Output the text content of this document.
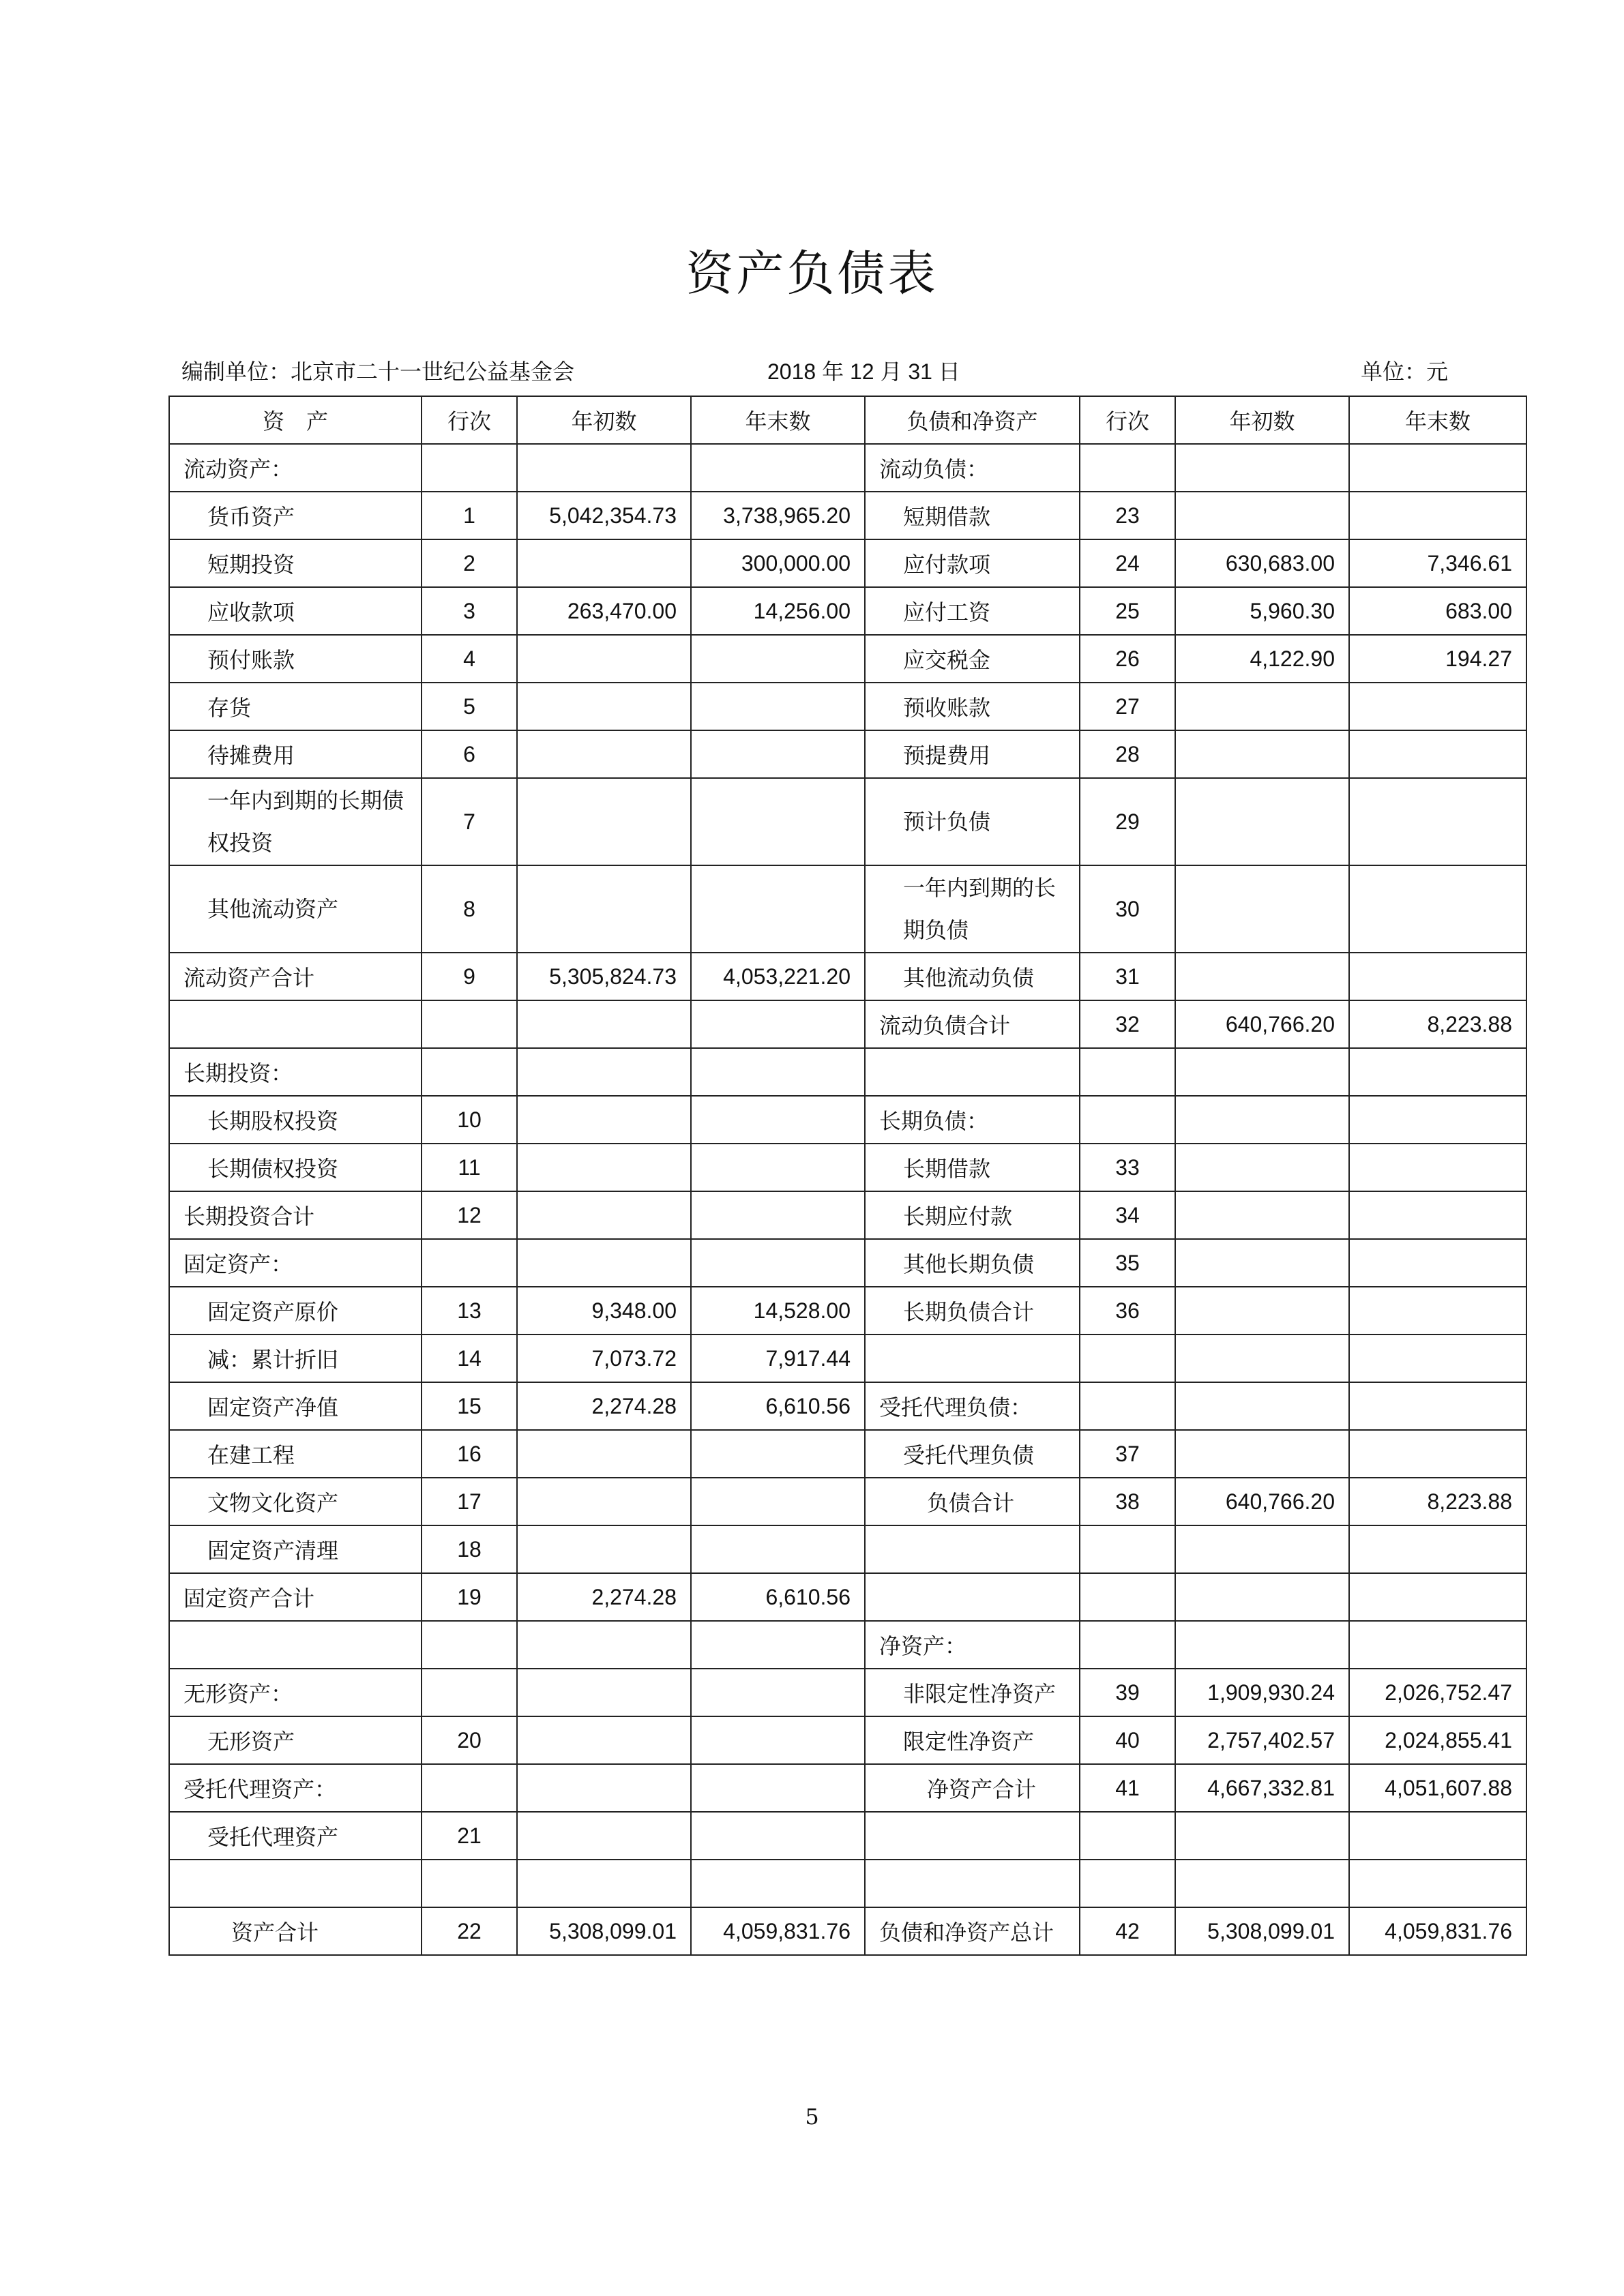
资产负债表
编制单位：北京市二十一世纪公益基金会	2018 年 12 月 31 日	单位：元
资　产	行次	年初数	年末数	负债和净资产	行次	年初数	年末数
流动资产：				流动负债：			
货币资产	1	5,042,354.73	3,738,965.20	短期借款	23		
短期投资	2		300,000.00	应付款项	24	630,683.00	7,346.61
应收款项	3	263,470.00	14,256.00	应付工资	25	5,960.30	683.00
预付账款	4			应交税金	26	4,122.90	194.27
存货	5			预收账款	27		
待摊费用	6			预提费用	28		
一年内到期的长期债权投资	7			预计负债	29		
其他流动资产	8			一年内到期的长期负债	30		
流动资产合计	9	5,305,824.73	4,053,221.20	其他流动负债	31		
				流动负债合计	32	640,766.20	8,223.88
长期投资：							
长期股权投资	10			长期负债：			
长期债权投资	11			长期借款	33		
长期投资合计	12			长期应付款	34		
固定资产：				其他长期负债	35		
固定资产原价	13	9,348.00	14,528.00	长期负债合计	36		
减：累计折旧	14	7,073.72	7,917.44				
固定资产净值	15	2,274.28	6,610.56	受托代理负债：			
在建工程	16			受托代理负债	37		
文物文化资产	17			负债合计	38	640,766.20	8,223.88
固定资产清理	18						
固定资产合计	19	2,274.28	6,610.56				
				净资产：			
无形资产：				非限定性净资产	39	1,909,930.24	2,026,752.47
无形资产	20			限定性净资产	40	2,757,402.57	2,024,855.41
受托代理资产：				净资产合计	41	4,667,332.81	4,051,607.88
受托代理资产	21						

资产合计	22	5,308,099.01	4,059,831.76	负债和净资产总计	42	5,308,099.01	4,059,831.76
5
